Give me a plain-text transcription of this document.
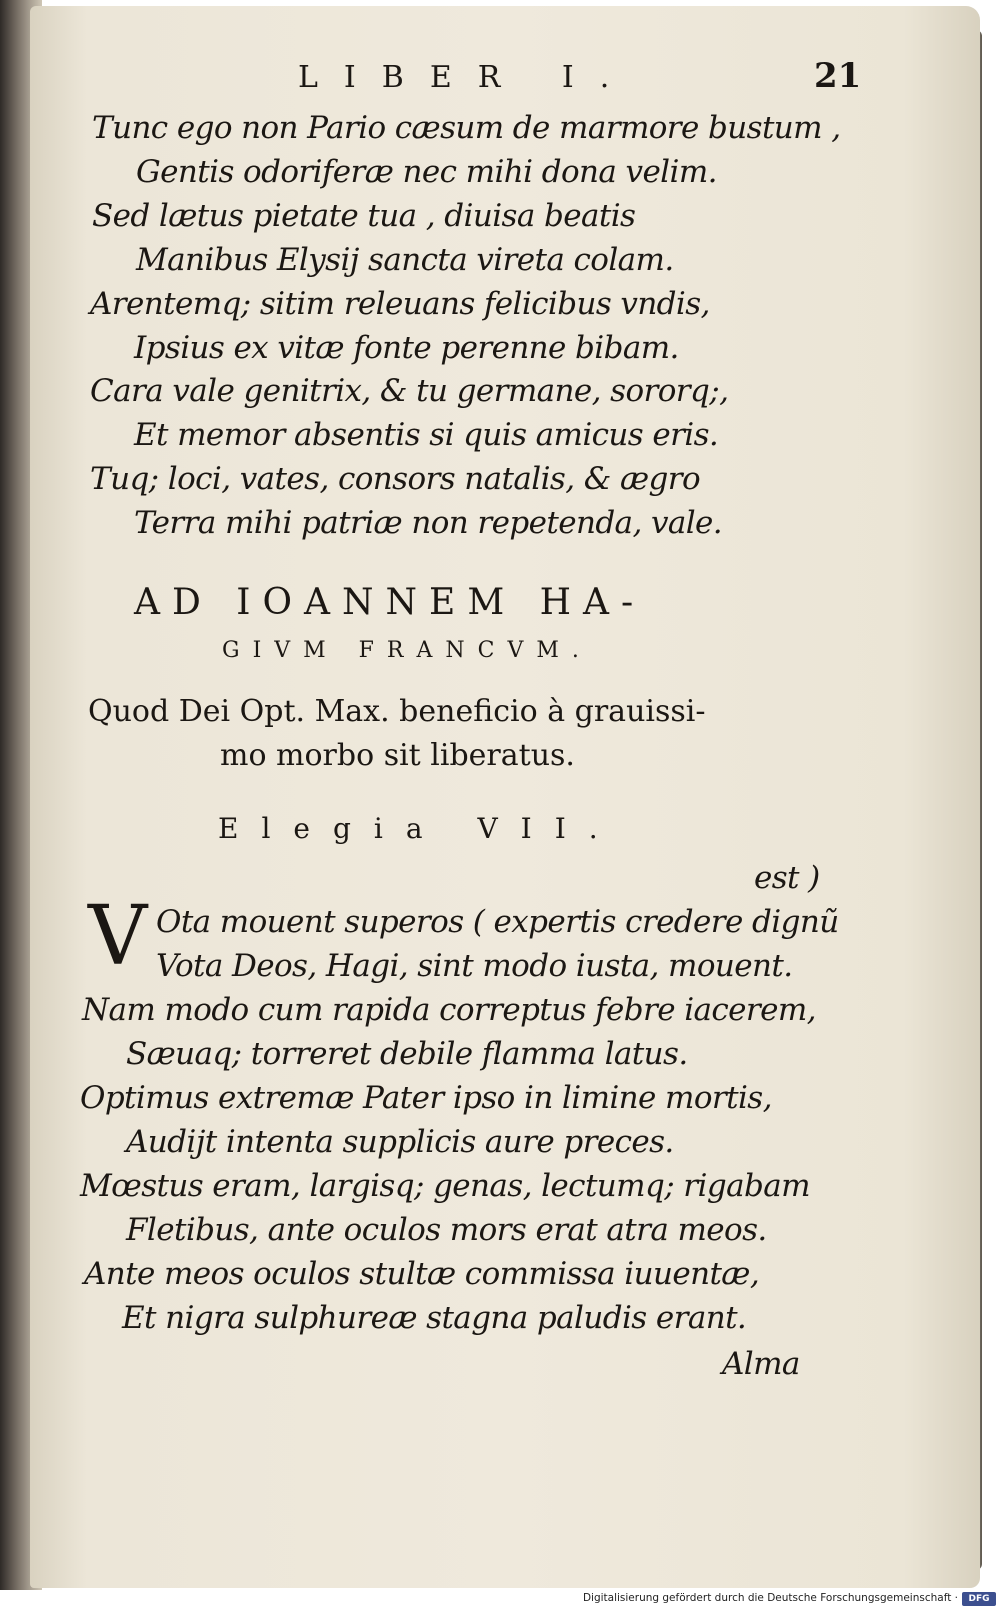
LIBER I.	21
Tunc ego non Pario cæsum de marmore bustum ,
Gentis odoriferæ nec mihi dona velim.
Sed lætus pietate tua , diuisa beatis
Manibus Elysij sancta vireta colam.
Arentemq; sitim releuans felicibus vndis,
Ipsius ex vitæ fonte perenne bibam.
Cara vale genitrix, & tu germane, sororq;,
Et memor absentis si quis amicus eris.
Tuq; loci, vates, consors natalis, & ægro
Terra mihi patriæ non repetenda, vale.
AD IOANNEM HA-
GIVM FRANCVM.
Quod Dei Opt. Max. beneficio à grauissi-
mo morbo sit liberatus.
Elegia VII.
est )
V Ota mouent superos ( expertis credere dignũ
Vota Deos, Hagi, sint modo iusta, mouent.
Nam modo cum rapida correptus febre iacerem,
Sæuaq; torreret debile flamma latus.
Optimus extremæ Pater ipso in limine mortis,
Audijt intenta supplicis aure preces.
Mœstus eram, largisq; genas, lectumq; rigabam
Fletibus, ante oculos mors erat atra meos.
Ante meos oculos stultæ commissa iuuentæ,
Et nigra sulphureæ stagna paludis erant.
Alma
Digitalisierung gefördert durch die Deutsche Forschungsgemeinschaft ·	DFG
